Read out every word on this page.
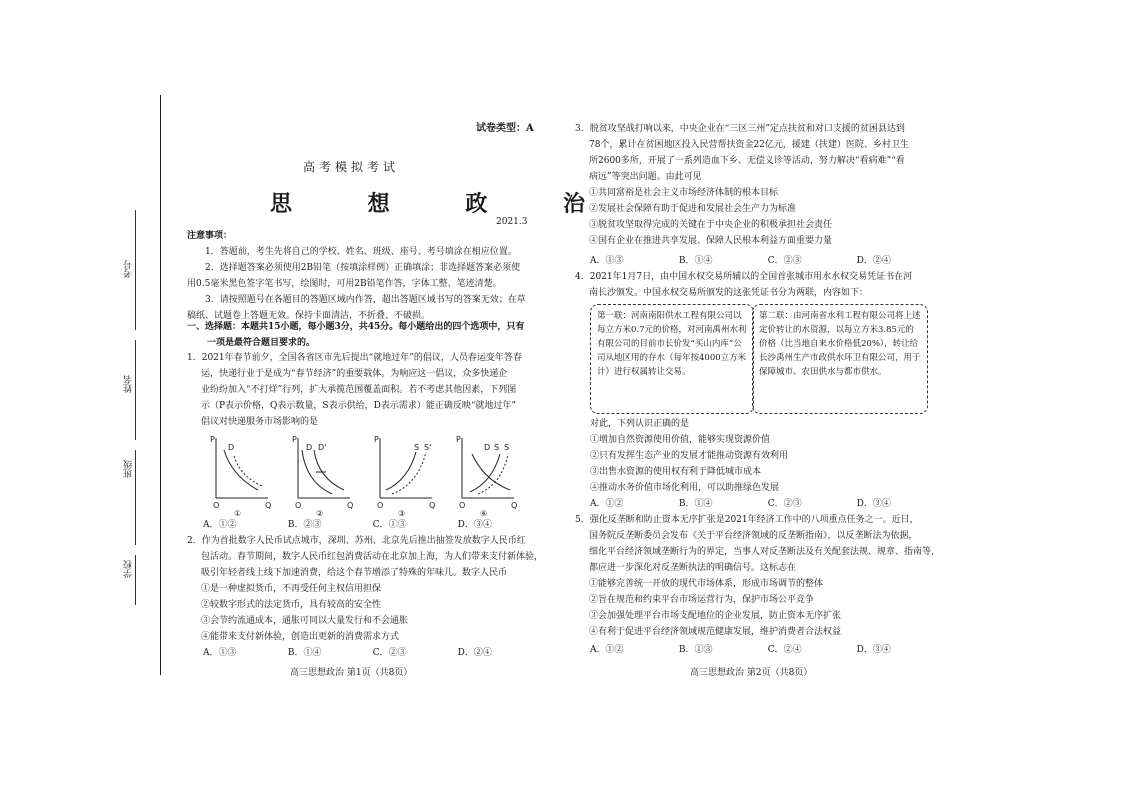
考号
姓名
班级
学校
试卷类型：A
高考模拟考试
思 想 政 治
2021.3
注意事项：
1．答题前，考生先将自己的学校、姓名、班级、座号、考号填涂在相应位置。
2．选择题答案必须使用2B铅笔（按填涂样例）正确填涂；非选择题答案必须使
用0.5毫米黑色签字笔书写，绘图时，可用2B铅笔作答，字体工整、笔迹清楚。
3．请按照题号在各题目的答题区域内作答，超出答题区域书写的答案无效；在草
稿纸、试题卷上答题无效。保持卡面清洁，不折叠、不破损。
一、选择题：本题共15小题，每小题3分，共45分。每小题给出的四个选项中，只有
一项是最符合题目要求的。
1．2021年春节前夕，全国各省区市先后提出“就地过年”的倡议，人员春运变年答春
运，快递行业于是成为“春节经济”的重要载体。为响应这一倡议，众多快递企
业纷纷加入“不打烊”行列，扩大承揽范围覆盖面积。若不考虑其他因素，下列图
示（P表示价格，Q表示数量，S表示供给，D表示需求）能正确反映“就地过年”
倡议对快递服务市场影响的是
P
O	Q
D
P
O	Q
D D'
P
O	Q
S S'
P
O	Q
D S S
①	②	③	④
A．①②	B．②③	C．①③	D．③④
2．作为首批数字人民币试点城市，深圳、苏州、北京先后推出抽签发放数字人民币红
包活动。春节期间，数字人民币红包消费活动在北京加上海，为人们带来支付新体验，
吸引年轻者线上线下加速消费，给这个春节增添了特殊的年味儿。数字人民币
①是一种虚拟货币，不再受任何主权信用担保
②较数字形式的法定货币，具有较高的安全性
③会节约流通成本，通胀可同以大量发行和不会通胀
④能带来支付新体验，创造出更新的消费需求方式
A．①③	B．①④	C．②③	D．②④
高三思想政治 第1页（共8页）
3．脱贫攻坚战打响以来，中央企业在“三区三州”定点扶贫和对口支援的贫困县达到
78个，累计在贫困地区投入民营帮扶资金22亿元，援建（扶建）医院、乡村卫生
所2600多所，开展了一系列造血下乡、无偿义诊等活动，努力解决“看病难”“看
病远”等突出问题。由此可见
①共同富裕是社会主义市场经济体制的根本目标
②发展社会保障有助于促进和发展社会生产力为标准
③脱贫攻坚取得完成的关键在于中央企业的积极承担社会责任
④国有企业在推进共享发展、保障人民根本利益方面重要力量
A．①③	B．①④	C．②③	D．②④
4．2021年1月7日，由中国水权交易所辅以的全国首张城市用水水权交易凭证书在河
南长沙颁发。中国水权交易所颁发的这张凭证书分为两联，内容如下：
第一联：河南南阳供水工程有限公司以每立方米0.7元的价格，对河南禹州水利有限公司的目前市长价发“买山内库”公司从地区用的存水（每年按4000立方米计）进行权属转让交易。
第二联：由河南省水利工程有限公司将上述定价转让的水资源，以每立方米3.85元的价格（比当地自来水价格低20%），转让给长沙禹州生产市政供水环卫有限公司，用于保障城市、农田供水与都市供水。
对此，下列认识正确的是
①增加自然资源使用价值，能够实现资源价值
②只有发挥生态产业的发展才能推动资源有效利用
③出售水资源的使用权有利于降低城市成本
④推动水务价值市场化利用，可以助推绿色发展
A．①②	B．①④	C．②③	D．③④
5．强化反垄断和防止资本无序扩张是2021年经济工作中的八项重点任务之一。近日，
国务院反垄断委员会发布《关于平台经济领域的反垄断指南》，以反垄断法为依据，
细化平台经济领域垄断行为的界定，当事人对反垄断法及有关配套法规、规章、指南等，
都应进一步深化对反垄断执法的明确信号。这标志在
①能够完善统一开放的现代市场体系，形成市场调节的整体
②旨在规范和约束平台市场运营行为，保护市场公平竞争
③会加强处理平台市场支配地位的企业发展，防止资本无序扩张
④有利于促进平台经济领域规范健康发展，维护消费者合法权益
A．①②	B．①③	C．②④	D．③④
高三思想政治 第2页（共8页）
